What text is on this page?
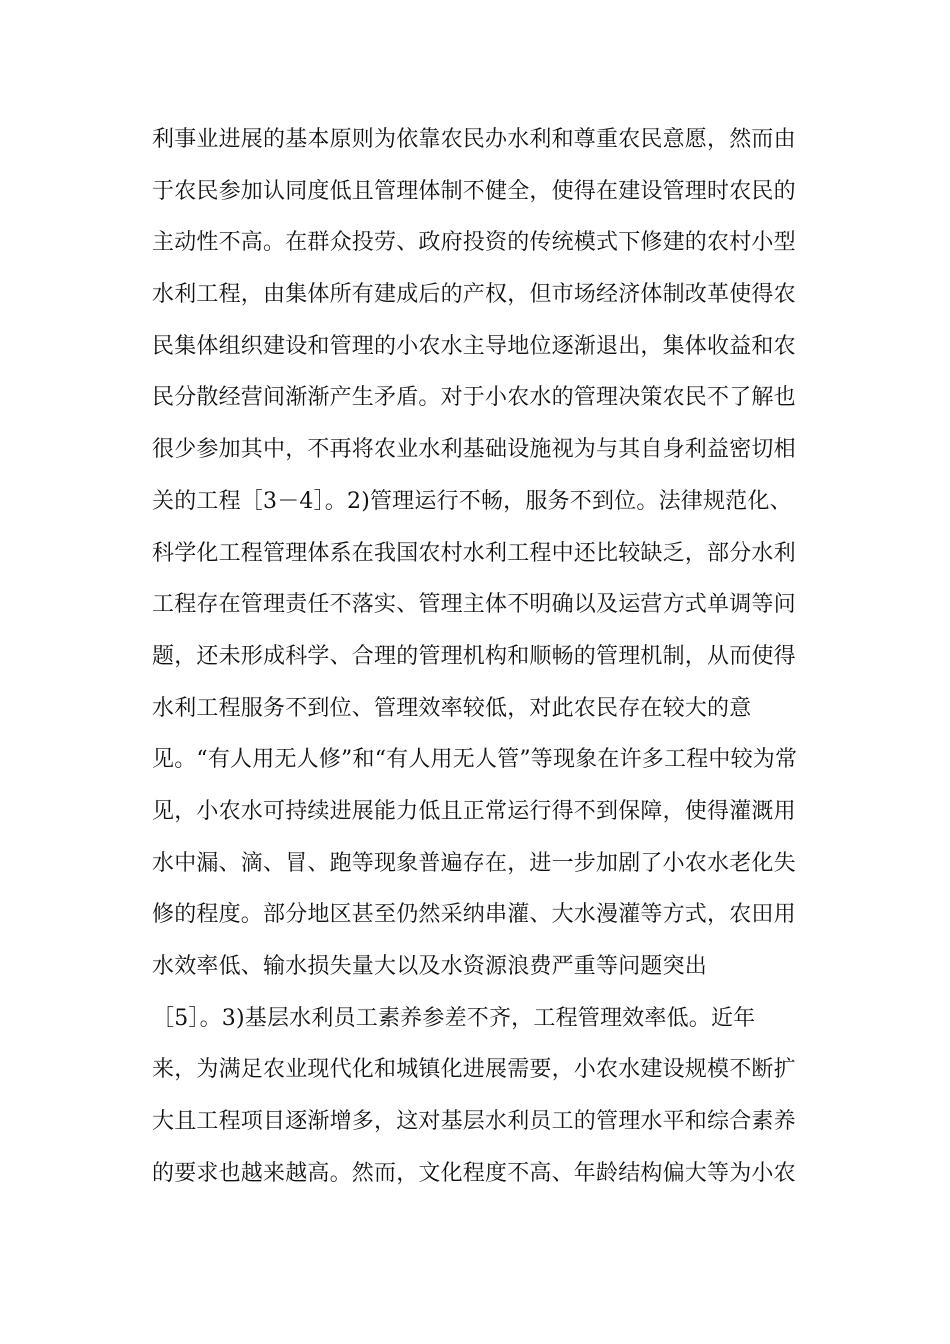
利事业进展的基本原则为依靠农民办水利和尊重农民意愿，然而由
于农民参加认同度低且管理体制不健全，使得在建设管理时农民的
主动性不高。在群众投劳、政府投资的传统模式下修建的农村小型
水利工程，由集体所有建成后的产权，但市场经济体制改革使得农
民集体组织建设和管理的小农水主导地位逐渐退出，集体收益和农
民分散经营间渐渐产生矛盾。对于小农水的管理决策农民不了解也
很少参加其中，不再将农业水利基础设施视为与其自身利益密切相
关的工程［3－4］。2)管理运行不畅，服务不到位。法律规范化、
科学化工程管理体系在我国农村水利工程中还比较缺乏，部分水利
工程存在管理责任不落实、管理主体不明确以及运营方式单调等问
题，还未形成科学、合理的管理机构和顺畅的管理机制，从而使得
水利工程服务不到位、管理效率较低，对此农民存在较大的意
见。“有人用无人修”和“有人用无人管”等现象在许多工程中较为常
见，小农水可持续进展能力低且正常运行得不到保障，使得灌溉用
水中漏、滴、冒、跑等现象普遍存在，进一步加剧了小农水老化失
修的程度。部分地区甚至仍然采纳串灌、大水漫灌等方式，农田用
水效率低、输水损失量大以及水资源浪费严重等问题突出
［5］。3)基层水利员工素养参差不齐，工程管理效率低。近年
来，为满足农业现代化和城镇化进展需要，小农水建设规模不断扩
大且工程项目逐渐增多，这对基层水利员工的管理水平和综合素养
的要求也越来越高。然而，文化程度不高、年龄结构偏大等为小农
